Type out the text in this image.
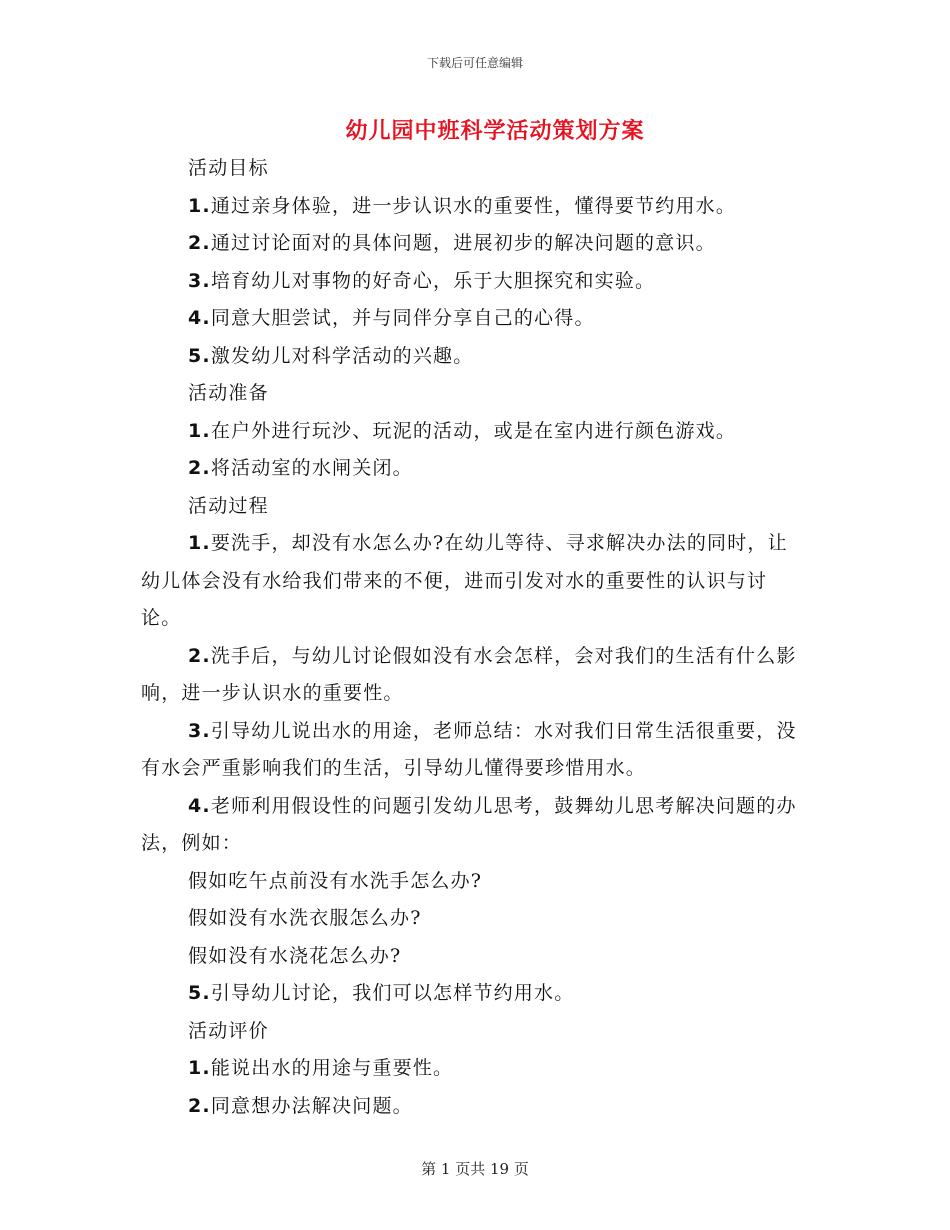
下载后可任意编辑
幼儿园中班科学活动策划方案

活动目标

1.通过亲身体验，进一步认识水的重要性，懂得要节约用水。

2.通过讨论面对的具体问题，进展初步的解决问题的意识。

3.培育幼儿对事物的好奇心，乐于大胆探究和实验。

4.同意大胆尝试，并与同伴分享自己的心得。

5.激发幼儿对科学活动的兴趣。

活动准备

1.在户外进行玩沙、玩泥的活动，或是在室内进行颜色游戏。

2.将活动室的水闸关闭。

活动过程

1.要洗手，却没有水怎么办?在幼儿等待、寻求解决办法的同时，让幼儿体会没有水给我们带来的不便，进而引发对水的重要性的认识与讨论。

2.洗手后，与幼儿讨论假如没有水会怎样，会对我们的生活有什么影响，进一步认识水的重要性。

3.引导幼儿说出水的用途，老师总结：水对我们日常生活很重要，没有水会严重影响我们的生活，引导幼儿懂得要珍惜用水。

4.老师利用假设性的问题引发幼儿思考，鼓舞幼儿思考解决问题的办法，例如：

假如吃午点前没有水洗手怎么办?

假如没有水洗衣服怎么办?

假如没有水浇花怎么办?

5.引导幼儿讨论，我们可以怎样节约用水。

活动评价

1.能说出水的用途与重要性。

2.同意想办法解决问题。

第 1 页共 19 页
